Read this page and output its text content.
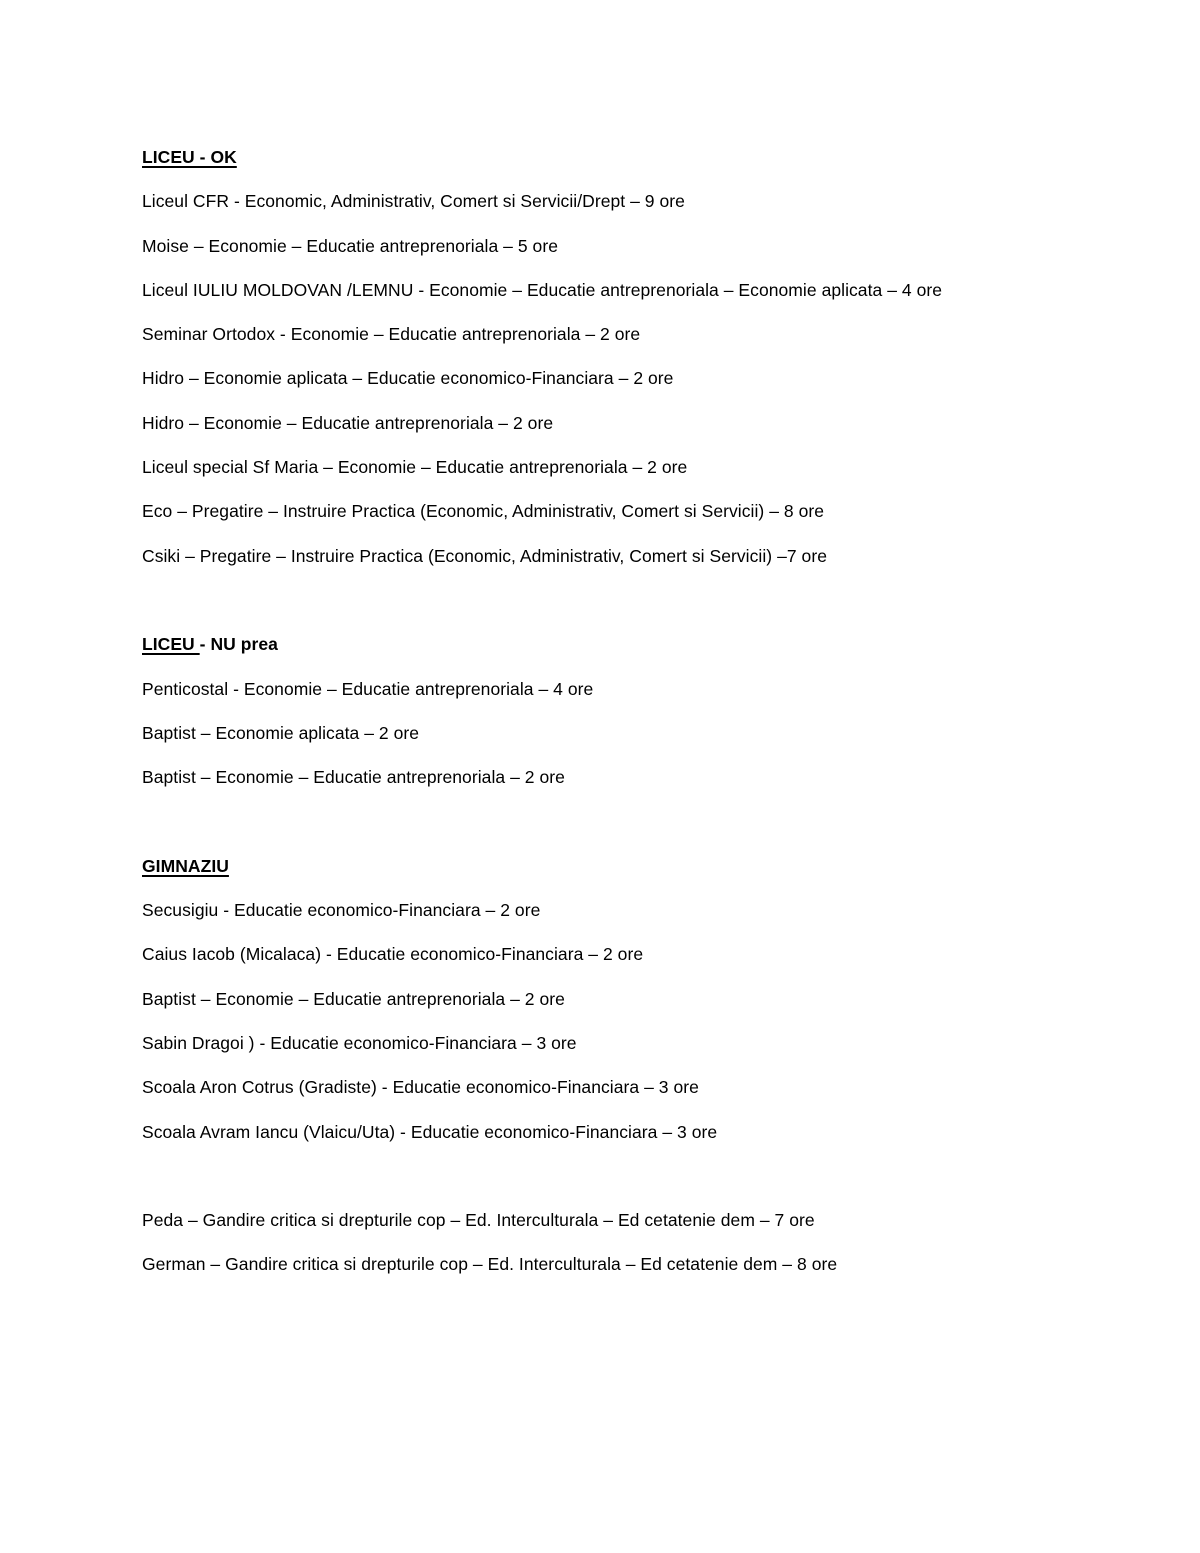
LICEU - OK
Liceul CFR - Economic, Administrativ, Comert si Servicii/Drept – 9 ore
Moise – Economie – Educatie antreprenoriala – 5 ore
Liceul IULIU MOLDOVAN /LEMNU - Economie – Educatie antreprenoriala – Economie aplicata – 4 ore
Seminar Ortodox - Economie – Educatie antreprenoriala – 2 ore
Hidro – Economie aplicata – Educatie economico-Financiara – 2 ore
Hidro – Economie – Educatie antreprenoriala – 2 ore
Liceul special Sf Maria – Economie – Educatie antreprenoriala – 2 ore
Eco – Pregatire – Instruire Practica (Economic, Administrativ, Comert si Servicii) – 8 ore
Csiki – Pregatire – Instruire Practica (Economic, Administrativ, Comert si Servicii) –7 ore
LICEU - NU prea
Penticostal - Economie – Educatie antreprenoriala – 4 ore
Baptist – Economie aplicata – 2 ore
Baptist – Economie – Educatie antreprenoriala – 2 ore
GIMNAZIU
Secusigiu - Educatie economico-Financiara – 2 ore
Caius Iacob (Micalaca) - Educatie economico-Financiara – 2 ore
Baptist – Economie – Educatie antreprenoriala – 2 ore
Sabin Dragoi ) - Educatie economico-Financiara – 3 ore
Scoala Aron Cotrus (Gradiste) - Educatie economico-Financiara – 3 ore
Scoala Avram Iancu (Vlaicu/Uta) - Educatie economico-Financiara – 3 ore
Peda – Gandire critica si drepturile cop – Ed. Interculturala – Ed cetatenie dem – 7 ore
German – Gandire critica si drepturile cop – Ed. Interculturala – Ed cetatenie dem – 8 ore
